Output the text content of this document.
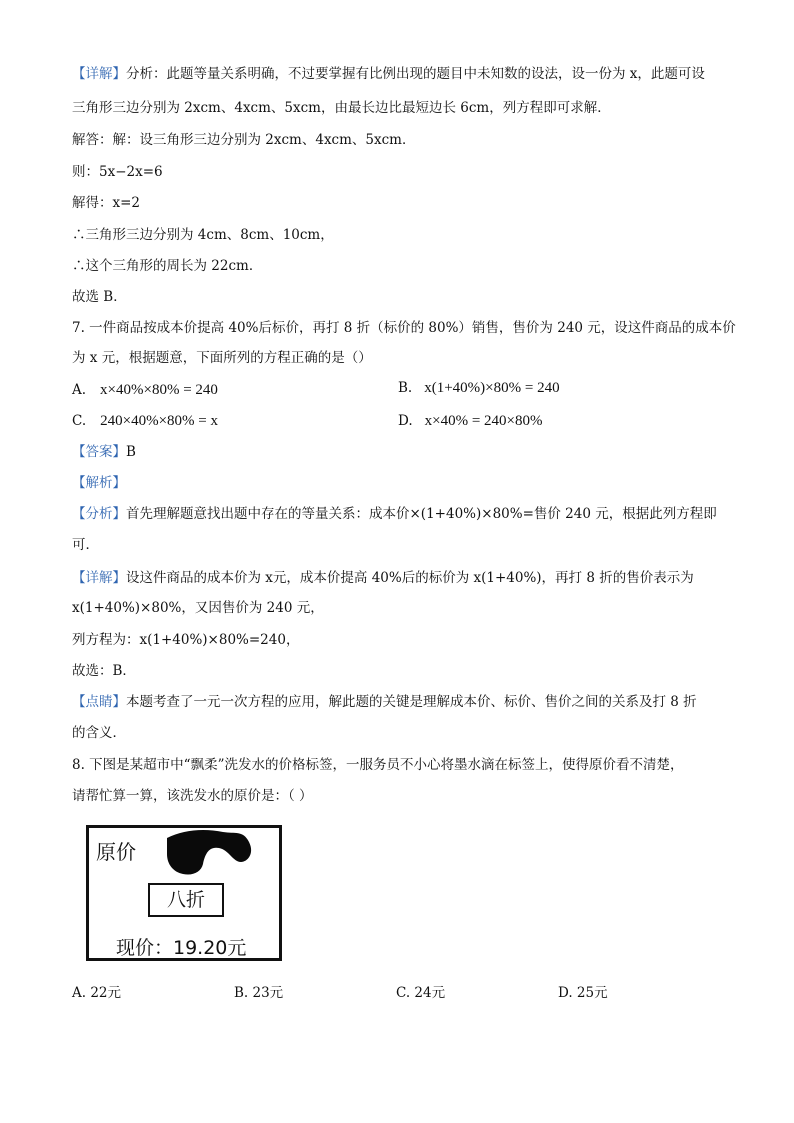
【详解】分析：此题等量关系明确，不过要掌握有比例出现的题目中未知数的设法，设一份为 x，此题可设
三角形三边分别为 2xcm、4xcm、5xcm，由最长边比最短边长 6cm，列方程即可求解．
解答：解：设三角形三边分别为 2xcm、4xcm、5xcm．
则：5x−2x=6
解得：x=2
∴三角形三边分别为 4cm、8cm、10cm，
∴这个三角形的周长为 22cm．
故选 B．
7. 一件商品按成本价提高 40%后标价，再打 8 折（标价的 80%）销售，售价为 240 元，设这件商品的成本价
为 x 元，根据题意，下面所列的方程正确的是（）
A. x×40%×80% = 240	B. x(1+40%)×80% = 240
C. 240×40%×80% = x	D. x×40% = 240×80%
【答案】B
【解析】
【分析】首先理解题意找出题中存在的等量关系：成本价×(1+40%)×80%=售价 240 元，根据此列方程即
可．
【详解】设这件商品的成本价为 x元，成本价提高 40%后的标价为 x(1+40%)，再打 8 折的售价表示为
x(1+40%)×80%，又因售价为 240 元，
列方程为：x(1+40%)×80%=240，
故选：B．
【点睛】本题考查了一元一次方程的应用，解此题的关键是理解成本价、标价、售价之间的关系及打 8 折
的含义．
8. 下图是某超市中“飘柔”洗发水的价格标签，一服务员不小心将墨水滴在标签上，使得原价看不清楚，
请帮忙算一算，该洗发水的原价是：（ ）
原价
八折
现价：19.20元
A. 22元	B. 23元	C. 24元	D. 25元
